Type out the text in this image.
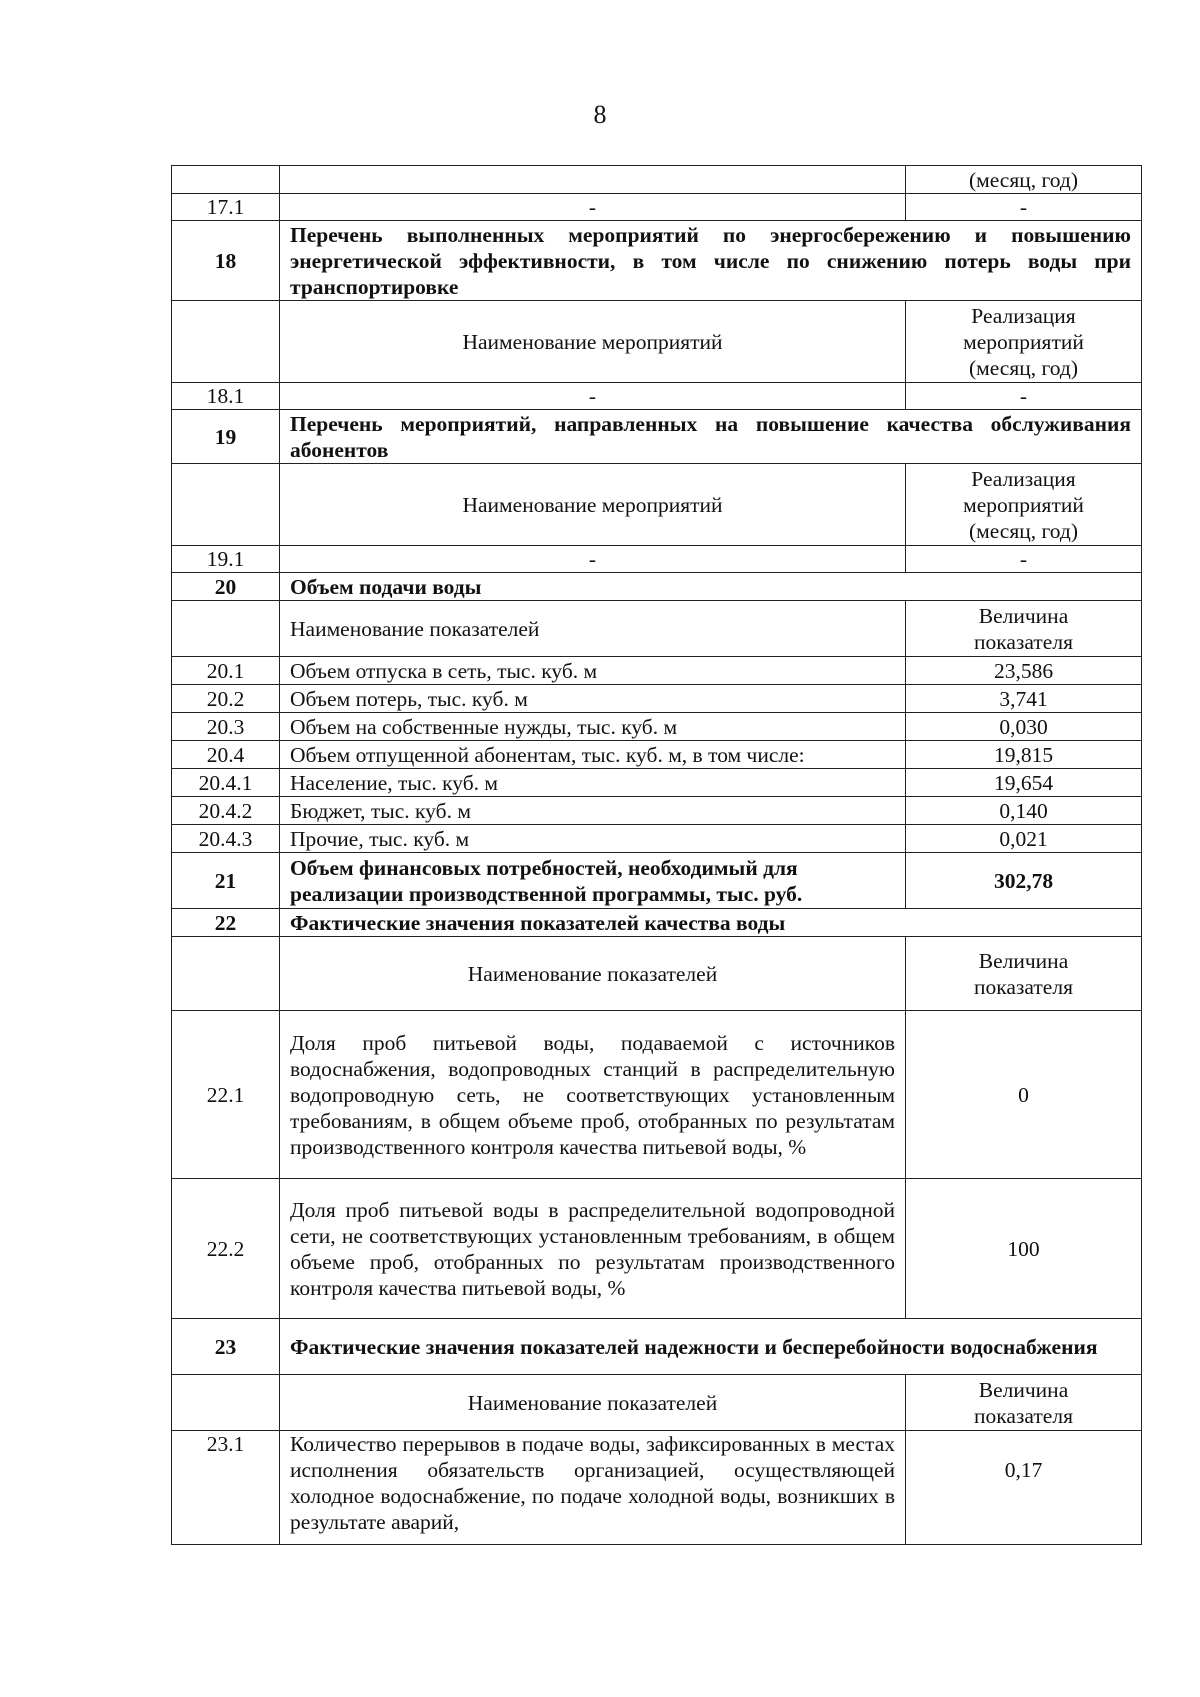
8
		(месяц, год)
17.1	-	-
18	Перечень выполненных мероприятий по энергосбережению и повышению энергетической эффективности, в том числе по снижению потерь воды при транспортировке	
	Наименование мероприятий	Реализация
мероприятий
(месяц, год)

18.1	-	-
19	Перечень мероприятий, направленных на повышение качества обслуживания абонентов	
	Наименование мероприятий	Реализация
мероприятий
(месяц, год)

19.1	-	-
20	Объем подачи воды	
	Наименование показателей	Величина
показателя

20.1	Объем отпуска в сеть, тыс. куб. м	23,586
20.2	Объем потерь, тыс. куб. м	3,741
20.3	Объем на собственные нужды, тыс. куб. м	0,030
20.4	Объем отпущенной абонентам, тыс. куб. м, в том числе:	19,815
20.4.1	Население, тыс. куб. м	19,654
20.4.2	Бюджет, тыс. куб. м	0,140
20.4.3	Прочие, тыс. куб. м	0,021
21	Объем финансовых потребностей, необходимый для реализации производственной программы, тыс. руб.	302,78
22	Фактические значения показателей качества воды	
	Наименование показателей	Величина
показателя

22.1	Доля проб питьевой воды, подаваемой с источников водоснабжения, водопроводных станций в распределительную водопроводную сеть, не соответствующих установленным требованиям, в общем объеме проб, отобранных по результатам производственного контроля качества питьевой воды, %	0
22.2	Доля проб питьевой воды в распределительной водопроводной сети, не соответствующих установленным требованиям, в общем объеме проб, отобранных по результатам производственного контроля качества питьевой воды, %	100
23	Фактические значения показателей надежности и бесперебойности водоснабжения	
	Наименование показателей	Величина
показателя

23.1	Количество перерывов в подаче воды, зафиксированных в местах исполнения обязательств организацией, осуществляющей холодное водоснабжение, по подаче холодной воды, возникших в результате аварий,	0,17
